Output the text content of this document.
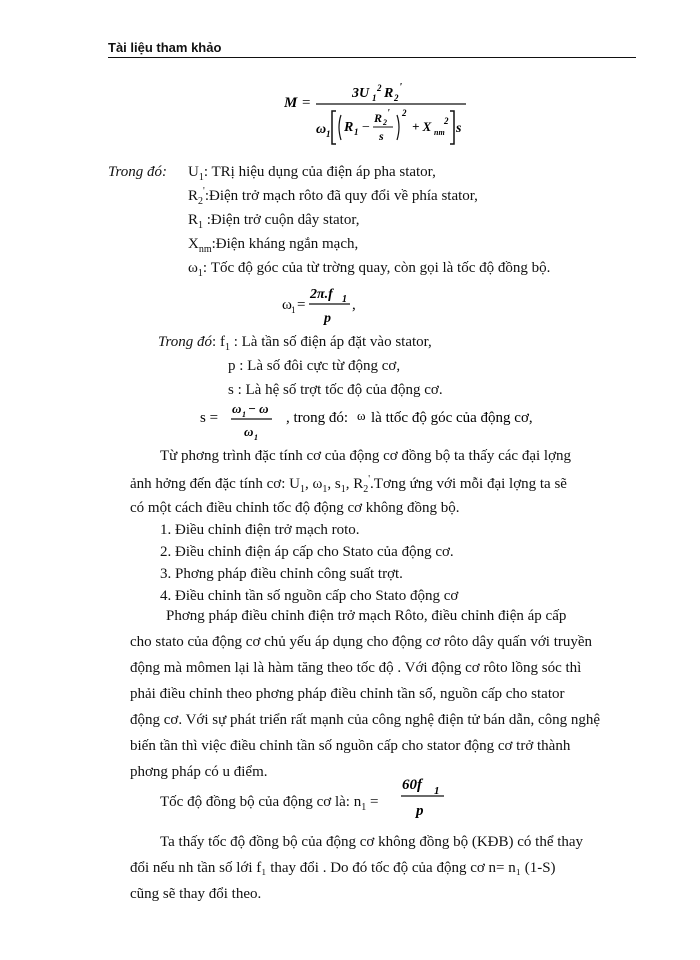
Tài liệu tham khảo
M =
3U 1
2 R 2
'
ω 1 R 1 −
R 2
'
s
2
+ X nm
2 s
Trong đó: $U_1$: TRị hiệu dụng của điện áp pha stator,
$R_2':Điện$ trở mạch rôto đã quy đổi về phía stator,
$R_1$ :Điện trở cuộn dây stator,
$X_{nm}:Điện$ kháng ngắn mạch,
$\omega_1$: Tốc độ góc của từ trờng quay, còn gọi là tốc độ đồng bộ.
ω 1 =
2π.f 1
p
,
Trong đó: $f_1$ : Là tần số điện áp đặt vào stator,
p : Là số đôi cực từ động cơ,
s : Là hệ số trợt tốc độ của động cơ.
s =
ω 1 − ω
ω 1
, trong đó: ω là ttốc độ góc của động cơ,
Từ phơng trình đặc tính cơ của động cơ đồng bộ ta thấy các đại lợng
ảnh hởng đến đặc tính cơ: $U_1$, $\omega_1$, $s_1$, $R_2'.Tơng$ ứng với mỗi đại lợng ta sẽ
có một cách điều chỉnh tốc độ động cơ không đồng bộ.
1. Điều chỉnh điện trở mạch roto.
2. Điều chỉnh điện áp cấp cho Stato của động cơ.
3. Phơng pháp điều chỉnh công suất trợt.
4. Điều chỉnh tần số nguồn cấp cho Stato động cơ
Phơng pháp điều chỉnh điện trở mạch Rôto, điều chỉnh điện áp cấp
cho stato của động cơ chủ yếu áp dụng cho động cơ rôto dây quấn với truyền
động mà mômen lại là hàm tăng theo tốc độ . Với động cơ rôto lồng sóc thì
phải điều chỉnh theo phơng pháp điều chỉnh tần số, nguồn cấp cho stator
động cơ. Với sự phát triển rất mạnh của công nghệ điện tử bán dẫn, công nghệ
biến tần thì việc điều chỉnh tần số nguồn cấp cho stator động cơ trở thành
phơng pháp có u điểm.
Tốc độ đồng bộ của động cơ là: $n_1$ =
60f 1
p
Ta thấy tốc độ đồng bộ của động cơ không đồng bộ (KĐB) có thể thay
đổi nếu nh tần số lới f₁ thay đổi . Do đó tốc độ của động cơ n= n₁ (1-S)
cũng sẽ thay đổi theo.
